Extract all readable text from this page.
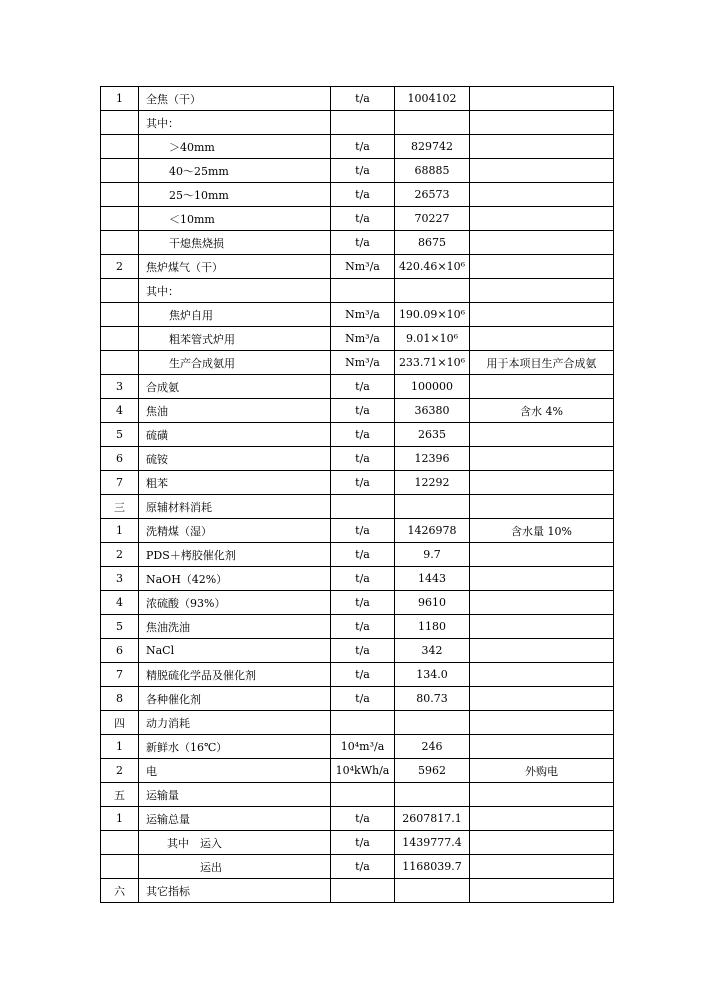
1	全焦（干）	t/a	1004102	
	其中：			
	＞40mm	t/a	829742	
	40～25mm	t/a	68885	
	25～10mm	t/a	26573	
	＜10mm	t/a	70227	
	干熄焦烧损	t/a	8675	
2	焦炉煤气（干）	Nm³/a	420.46×10⁶	
	其中：			
	焦炉自用	Nm³/a	190.09×10⁶	
	粗苯管式炉用	Nm³/a	9.01×10⁶	
	生产合成氨用	Nm³/a	233.71×10⁶	用于本项目生产合成氨
3	合成氨	t/a	100000	
4	焦油	t/a	36380	含水 4%
5	硫磺	t/a	2635	
6	硫铵	t/a	12396	
7	粗苯	t/a	12292	
三	原辅材料消耗			
1	洗精煤（湿）	t/a	1426978	含水量 10%
2	PDS＋栲胶催化剂	t/a	9.7	
3	NaOH（42%）	t/a	1443	
4	浓硫酸（93%）	t/a	9610	
5	焦油洗油	t/a	1180	
6	NaCl	t/a	342	
7	精脱硫化学品及催化剂	t/a	134.0	
8	各种催化剂	t/a	80.73	
四	动力消耗			
1	新鲜水（16℃）	10⁴m³/a	246	
2	电	10⁴kWh/a	5962	外购电
五	运输量			
1	运输总量	t/a	2607817.1	
	其中　运入	t/a	1439777.4	
	　　　运出	t/a	1168039.7	
六	其它指标			
